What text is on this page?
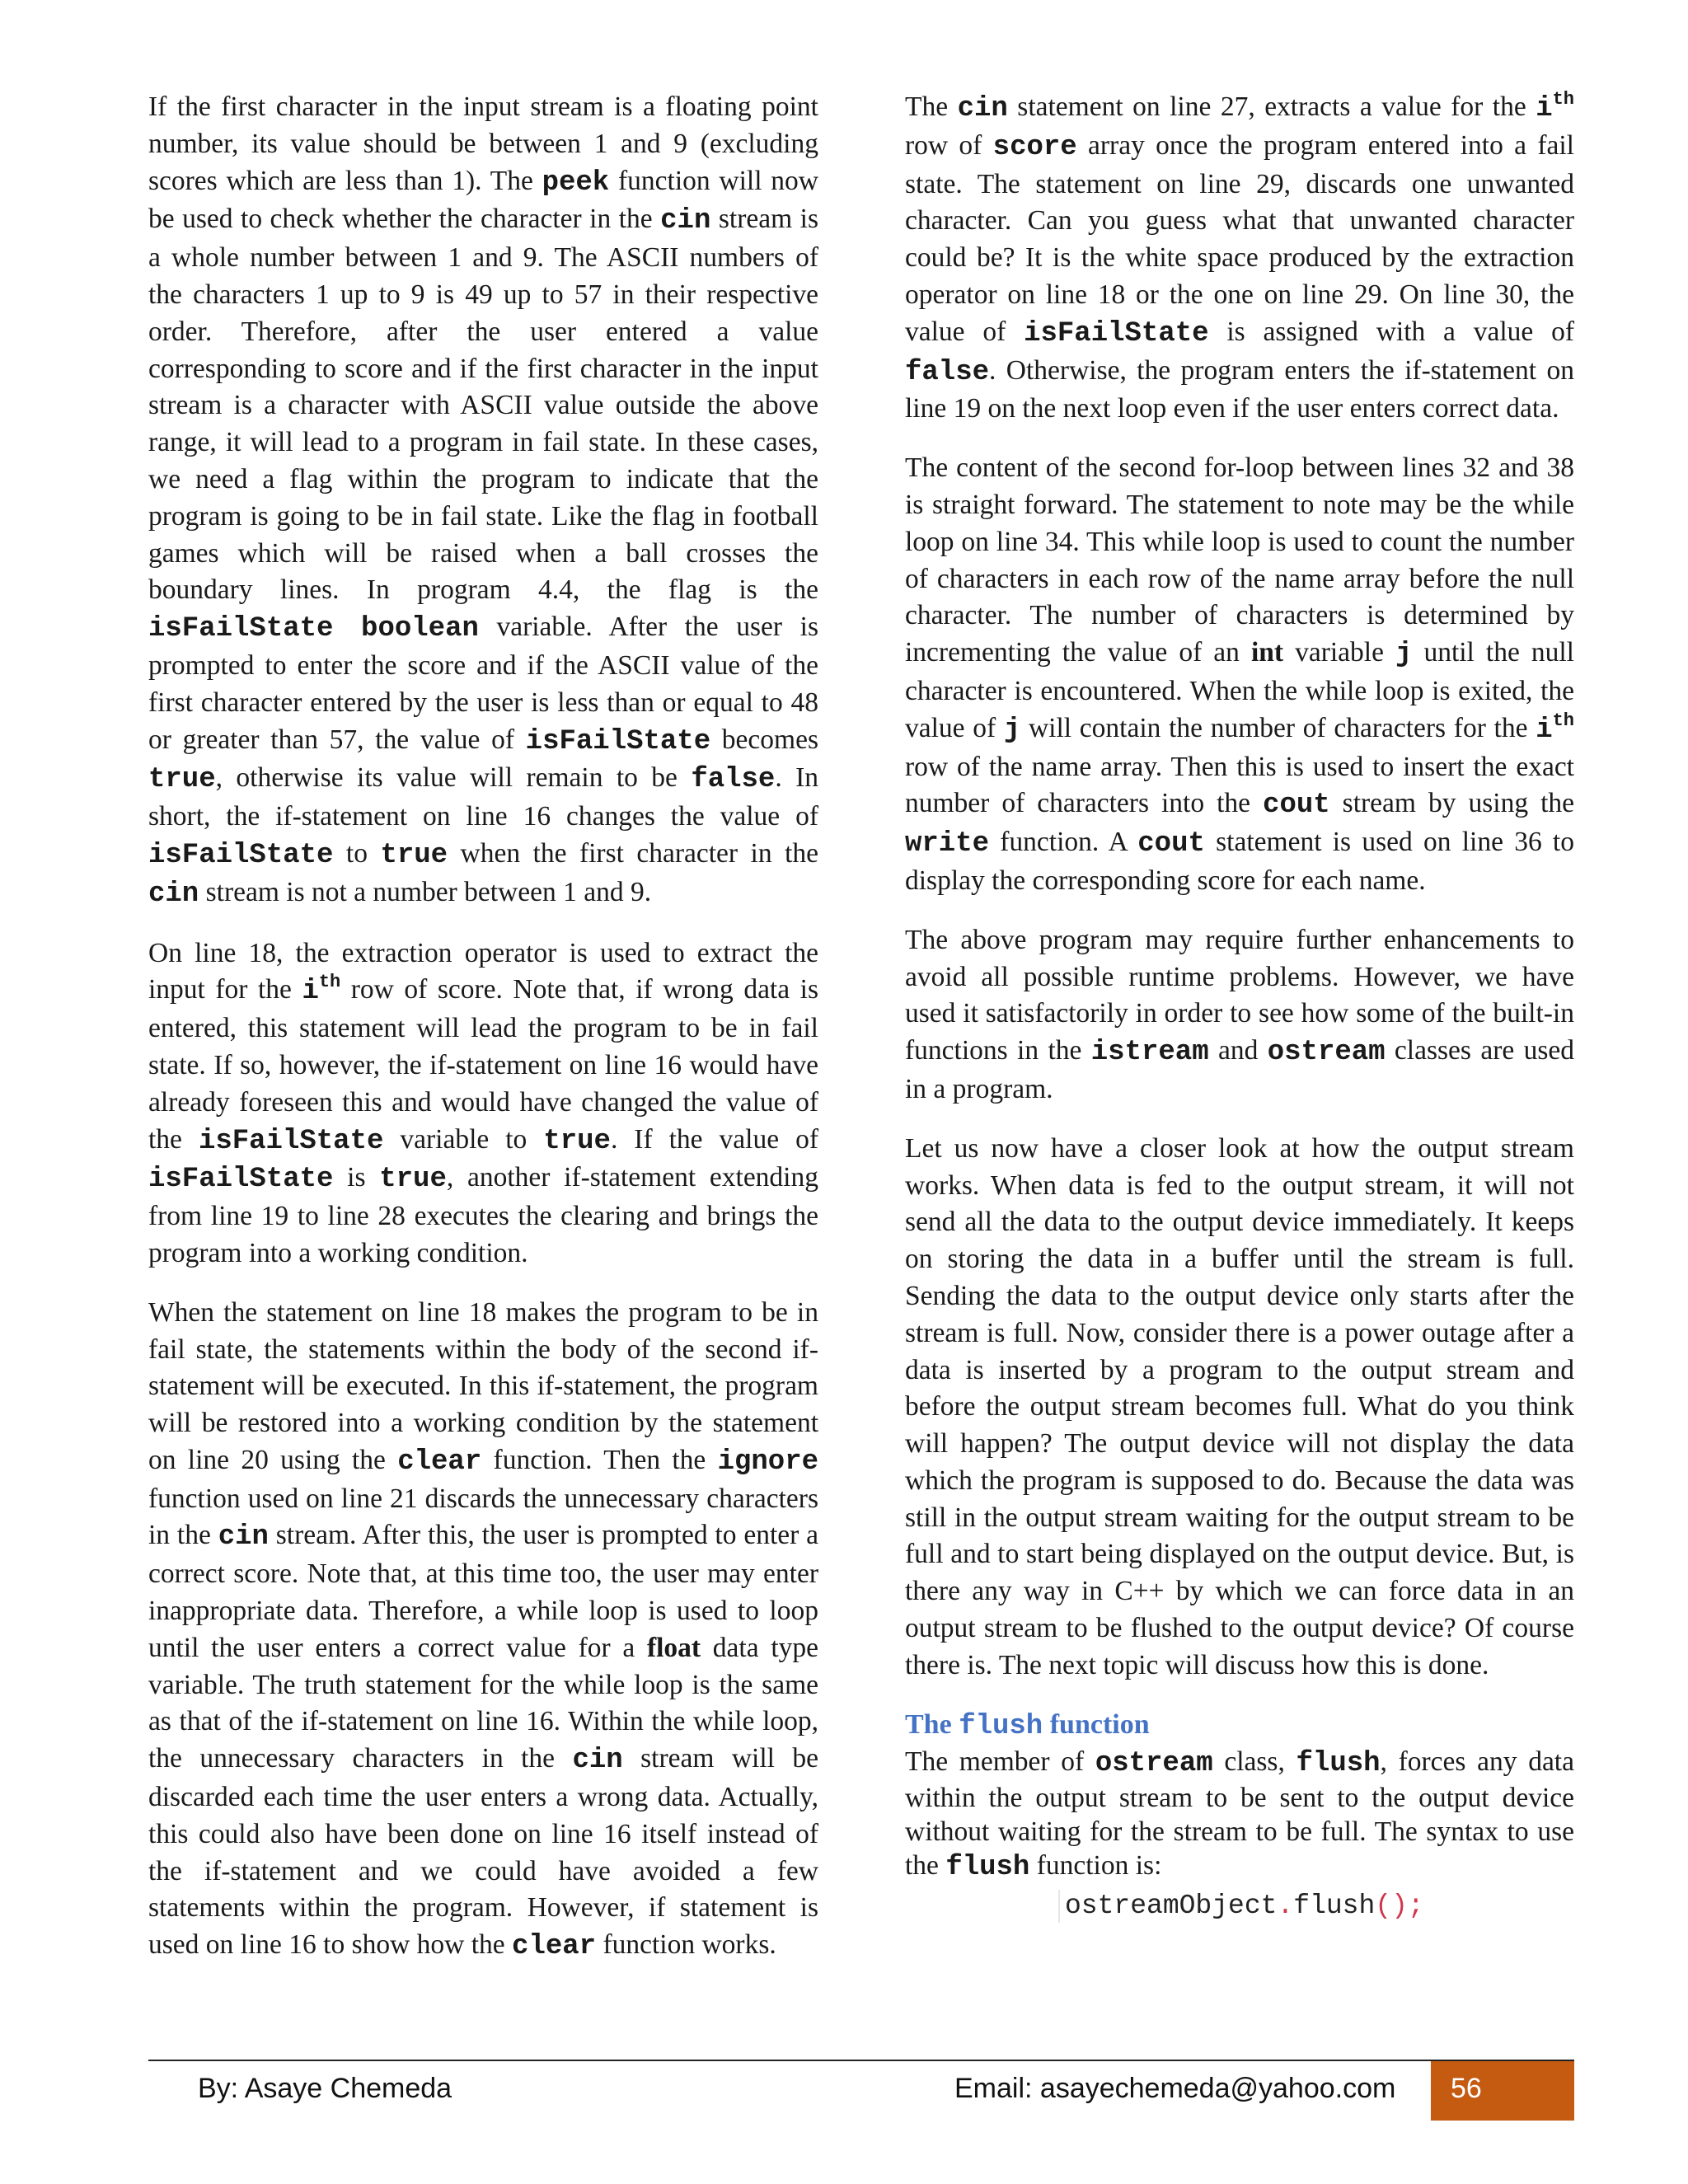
If the first character in the input stream is a floating point number, its value should be between 1 and 9 (excluding scores which are less than 1). The peek function will now be used to check whether the character in the cin stream is a whole number between 1 and 9. The ASCII numbers of the characters 1 up to 9 is 49 up to 57 in their respective order. Therefore, after the user entered a value corresponding to score and if the first character in the input stream is a character with ASCII value outside the above range, it will lead to a program in fail state. In these cases, we need a flag within the program to indicate that the program is going to be in fail state. Like the flag in football games which will be raised when a ball crosses the boundary lines. In program 4.4, the flag is the isFailState boolean variable. After the user is prompted to enter the score and if the ASCII value of the first character entered by the user is less than or equal to 48 or greater than 57, the value of isFailState becomes true, otherwise its value will remain to be false. In short, the if-statement on line 16 changes the value of isFailState to true when the first character in the cin stream is not a number between 1 and 9.

On line 18, the extraction operator is used to extract the input for the $i^{th}$ row of score. Note that, if wrong data is entered, this statement will lead the program to be in fail state. If so, however, the if-statement on line 16 would have already foreseen this and would have changed the value of the isFailState variable to true. If the value of isFailState is true, another if-statement extending from line 19 to line 28 executes the clearing and brings the program into a working condition.

When the statement on line 18 makes the program to be in fail state, the statements within the body of the second if-statement will be executed. In this if-statement, the program will be restored into a working condition by the statement on line 20 using the clear function. Then the ignore function used on line 21 discards the unnecessary characters in the cin stream. After this, the user is prompted to enter a correct score. Note that, at this time too, the user may enter inappropriate data. Therefore, a while loop is used to loop until the user enters a correct value for a float data type variable. The truth statement for the while loop is the same as that of the if-statement on line 16. Within the while loop, the unnecessary characters in the cin stream will be discarded each time the user enters a wrong data. Actually, this could also have been done on line 16 itself instead of the if-statement and we could have avoided a few statements within the program. However, if statement is used on line 16 to show how the clear function works.

The cin statement on line 27, extracts a value for the $i^{th}$ row of score array once the program entered into a fail state. The statement on line 29, discards one unwanted character. Can you guess what that unwanted character could be? It is the white space produced by the extraction operator on line 18 or the one on line 29. On line 30, the value of isFailState is assigned with a value of false. Otherwise, the program enters the if-statement on line 19 on the next loop even if the user enters correct data.

The content of the second for-loop between lines 32 and 38 is straight forward. The statement to note may be the while loop on line 34. This while loop is used to count the number of characters in each row of the name array before the null character. The number of characters is determined by incrementing the value of an int variable j until the null character is encountered. When the while loop is exited, the value of j will contain the number of characters for the $i^{th}$ row of the name array. Then this is used to insert the exact number of characters into the cout stream by using the write function. A cout statement is used on line 36 to display the corresponding score for each name.

The above program may require further enhancements to avoid all possible runtime problems. However, we have used it satisfactorily in order to see how some of the built-in functions in the istream and ostream classes are used in a program.

Let us now have a closer look at how the output stream works. When data is fed to the output stream, it will not send all the data to the output device immediately. It keeps on storing the data in a buffer until the stream is full. Sending the data to the output device only starts after the stream is full. Now, consider there is a power outage after a data is inserted by a program to the output stream and before the output stream becomes full. What do you think will happen? The output device will not display the data which the program is supposed to do. Because the data was still in the output stream waiting for the output stream to be full and to start being displayed on the output device. But, is there any way in C++ by which we can force data in an output stream to be flushed to the output device? Of course there is. The next topic will discuss how this is done.

The flush function

The member of ostream class, flush, forces any data within the output stream to be sent to the output device without waiting for the stream to be full. The syntax to use the flush function is:

ostreamObject.flush();
By: Asaye Chemeda	Email: asayechemeda@yahoo.com 56
